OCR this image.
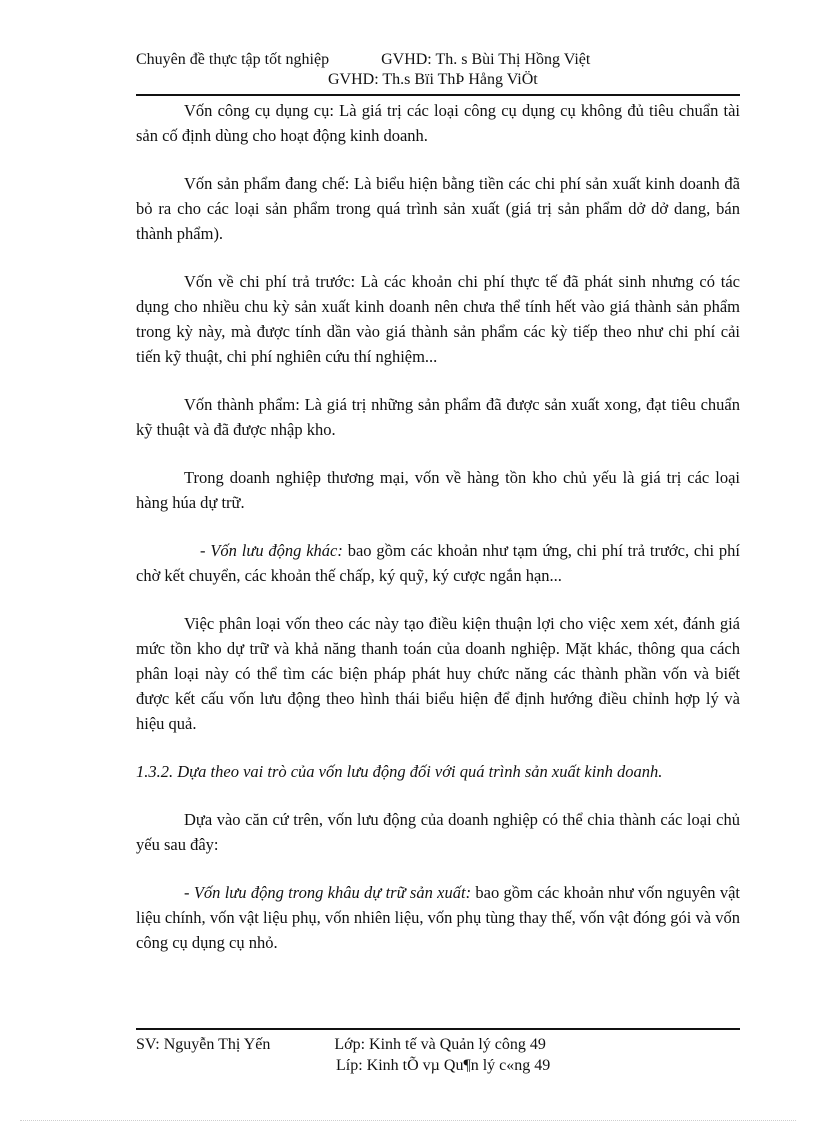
Chuyên đề thực tập tốt nghiệp	GVHD: Th. s Bùi Thị Hồng Việt
GVHD: Th.s Bïi ThÞ Hång ViÖt

Vốn công cụ dụng cụ: Là giá trị các loại công cụ dụng cụ không đủ tiêu chuẩn tài sản cố định dùng cho hoạt động kinh doanh.

Vốn sản phẩm đang chế: Là biểu hiện bằng tiền các chi phí sản xuất kinh doanh đã bỏ ra cho các loại sản phẩm trong quá trình sản xuất (giá trị sản phẩm dở dở dang, bán thành phẩm).

Vốn về chi phí trả trước: Là các khoản chi phí thực tế đã phát sinh nhưng có tác dụng cho nhiều chu kỳ sản xuất kinh doanh nên chưa thể tính hết vào giá thành sản phẩm trong kỳ này, mà được tính dần vào giá thành sản phẩm các kỳ tiếp theo như chi phí cải tiến kỹ thuật, chi phí nghiên cứu thí nghiệm...

Vốn thành phẩm: Là giá trị những sản phẩm đã được sản xuất xong, đạt tiêu chuẩn kỹ thuật và đã được nhập kho.

Trong doanh nghiệp thương mại, vốn về hàng tồn kho chủ yếu là giá trị các loại hàng húa dự trữ.

- Vốn lưu động khác: bao gồm các khoản như tạm ứng, chi phí trả trước, chi phí chờ kết chuyển, các khoản thế chấp, ký quỹ, ký cược ngắn hạn...

Việc phân loại vốn theo các này tạo điều kiện thuận lợi cho việc xem xét, đánh giá mức tồn kho dự trữ và khả năng thanh toán của doanh nghiệp. Mặt khác, thông qua cách phân loại này có thể tìm các biện pháp phát huy chức năng các thành phần vốn và biết được kết cấu vốn lưu động theo hình thái biểu hiện để định hướng điều chỉnh hợp lý và hiệu quả.

1.3.2. Dựa theo vai trò của vốn lưu động đối với quá trình sản xuất kinh doanh.

Dựa vào căn cứ trên, vốn lưu động của doanh nghiệp có thể chia thành các loại chủ yếu sau đây:

- Vốn lưu động trong khâu dự trữ sản xuất: bao gồm các khoản như vốn nguyên vật liệu chính, vốn vật liệu phụ, vốn nhiên liệu, vốn phụ tùng thay thế, vốn vật đóng gói và vốn công cụ dụng cụ nhỏ.

SV: Nguyễn Thị Yến	Lớp: Kinh tế và Quản lý công 49
Líp: Kinh tÕ vµ Qu¶n lý c«ng 49
